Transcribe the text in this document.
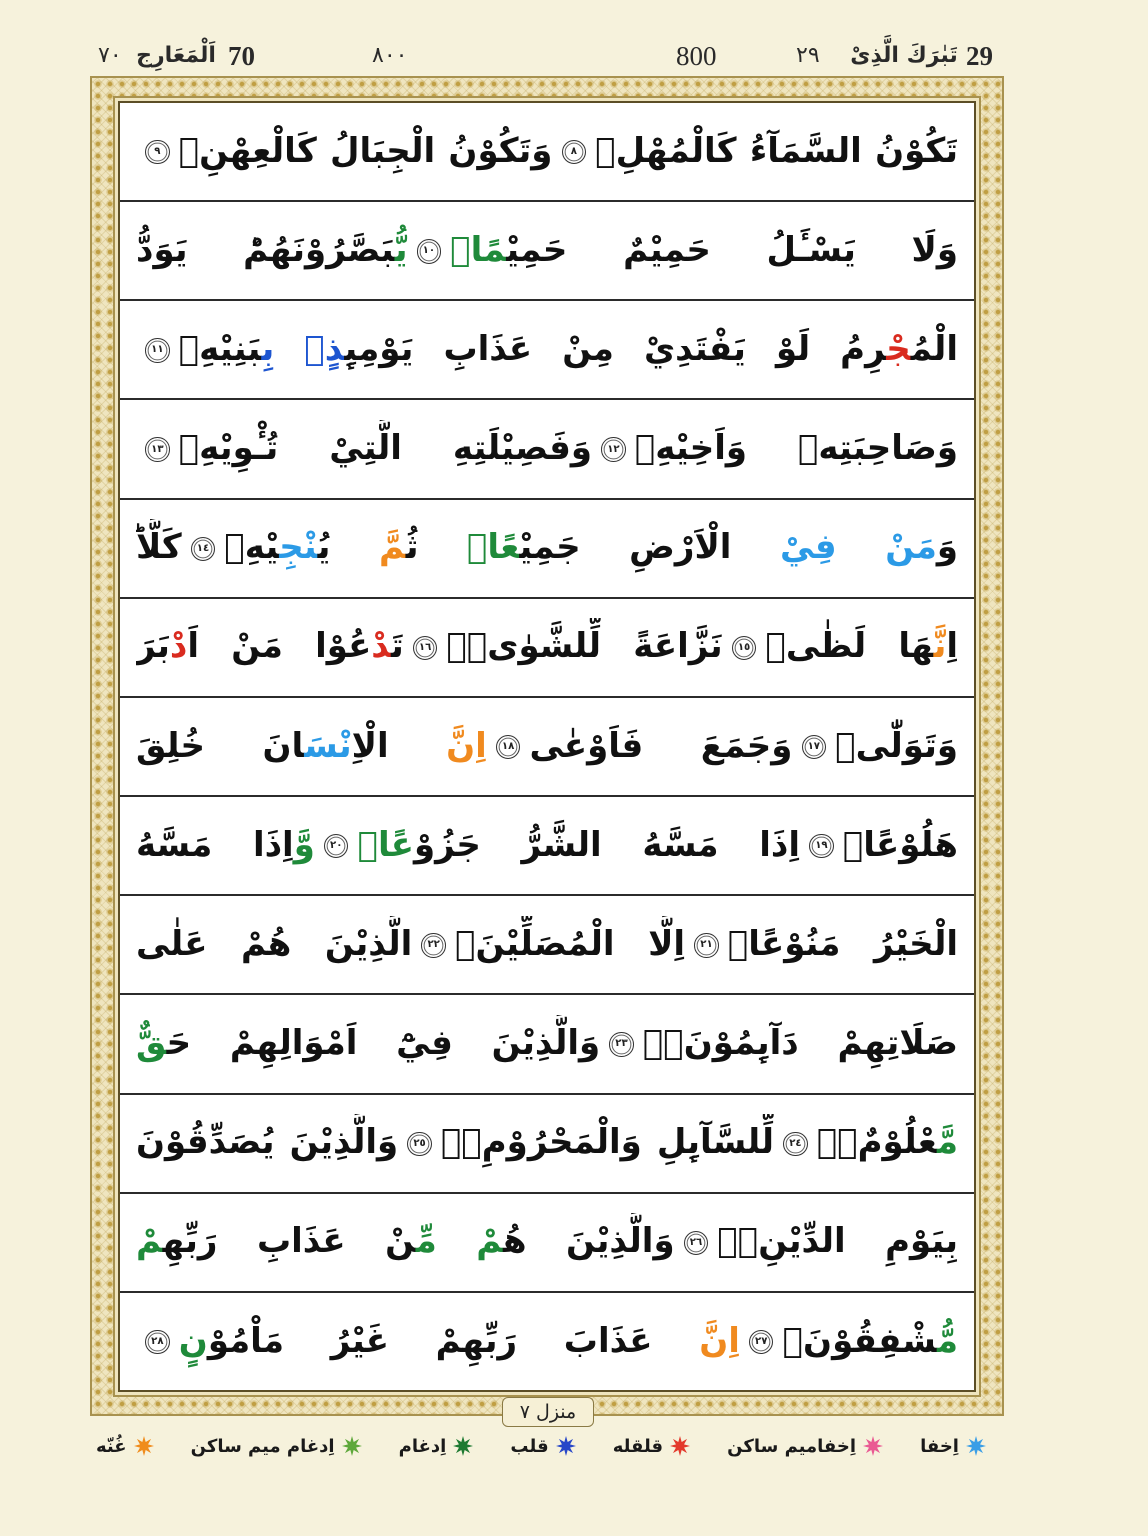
29
تَبٰرَكَ الَّذِىْ
٢٩
800
٨٠٠
70
اَلْمَعَارِج
٧٠
تَكُوْنُ السَّمَآءُ كَالْمُهْلِۙ٨وَتَكُوْنُ الْجِبَالُ كَالْعِهْنِۙ٩
وَلَا يَسْـَٔلُ حَمِيْمٌ حَمِيْمًاۚ١٠يُّبَصَّرُوْنَهُمْؕ يَوَدُّ
الْمُجْرِمُ لَوْ يَفْتَدِيْ مِنْ عَذَابِ يَوْمِىِٕذٍۭ بِبَنِيْهِۙ١١
وَصَاحِبَتِهٖ وَاَخِيْهِۙ١٢وَفَصِيْلَتِهِ الَّتِيْ تُـْٔوِيْهِۙ١٣
وَمَنْ فِيْ الْاَرْضِ جَمِيْعًاۙ ثُمَّ يُنْجِيْهِۙ١٤كَلَّاؕ
اِنَّهَا لَظٰىۙ١٥نَزَّاعَةً لِّلشَّوٰىۚۖ١٦تَدْعُوْا مَنْ اَدْبَرَ
وَتَوَلّٰىۙ١٧وَجَمَعَ فَاَوْعٰى١٨اِنَّ الْاِنْسَانَ خُلِقَ
هَلُوْعًاۙ١٩اِذَا مَسَّهُ الشَّرُّ جَزُوْعًاۙ٢٠وَّاِذَا مَسَّهُ
الْخَيْرُ مَنُوْعًاۙ٢١اِلَّا الْمُصَلِّيْنَۙ٢٢الَّذِيْنَ هُمْ عَلٰى
صَلَاتِهِمْ دَآىِٕمُوْنَۙۖ٢٣وَالَّذِيْنَ فِيْٓ اَمْوَالِهِمْ حَقٌّ
مَّعْلُوْمٌۙۖ٢٤لِّلسَّآىِٕلِ وَالْمَحْرُوْمِۙۖ٢٥وَالَّذِيْنَ يُصَدِّقُوْنَ
بِيَوْمِ الدِّيْنِۙۖ٢٦وَالَّذِيْنَ هُمْ مِّنْ عَذَابِ رَبِّهِمْ
مُّشْفِقُوْنَۚ٢٧اِنَّ عَذَابَ رَبِّهِمْ غَيْرُ مَاْمُوْنٍ٢٨
منزل ٧
اِخفا
اِخفامیم ساکن
قلقله
قلب
اِدغام
اِدغام میم ساکن
غُنّه
